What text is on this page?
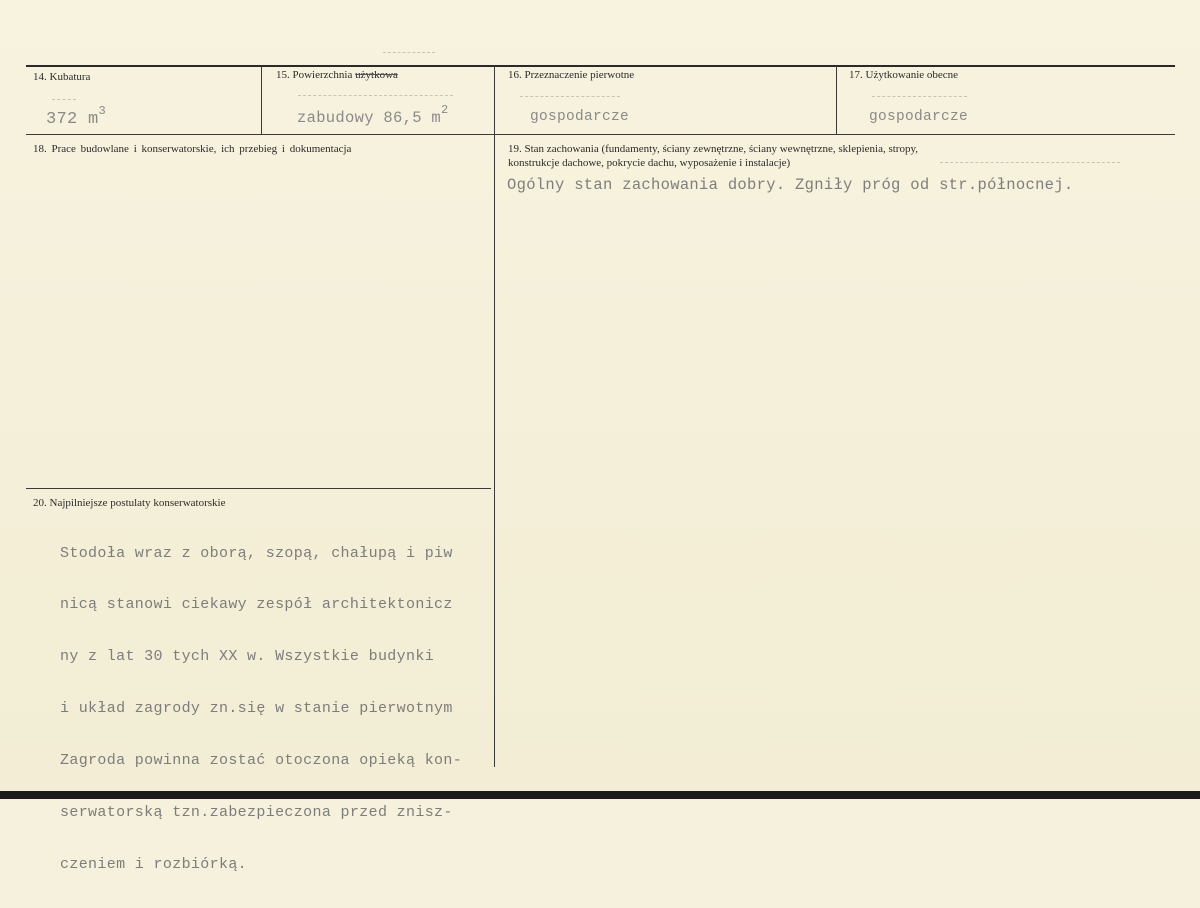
14. Kubatura
372 $m^3$
15. Powierzchnia użytkowa
zabudowy 86,5 $m^2$
16. Przeznaczenie pierwotne
gospodarcze
17. Użytkowanie obecne
gospodarcze
18. Prace budowlane i konserwatorskie, ich przebieg i dokumentacja	19. Stan zachowania (fundamenty, ściany zewnętrzne, ściany wewnętrzne, sklepienia, stropy,
konstrukcje dachowe, pokrycie dachu, wyposażenie i instalacje)
Ogólny stan zachowania dobry. Zgniły próg od str.północnej.
20. Najpilniejsze postulaty konserwatorskie

Stodoła wraz z oborą, szopą, chałupą i piw

nicą stanowi ciekawy zespół architektonicz

ny z lat 30 tych XX w. Wszystkie budynki

i układ zagrody zn.się w stanie pierwotnym

Zagroda powinna zostać otoczona opieką kon-

serwatorską tzn.zabezpieczona przed znisz-

czeniem i rozbiórką.
